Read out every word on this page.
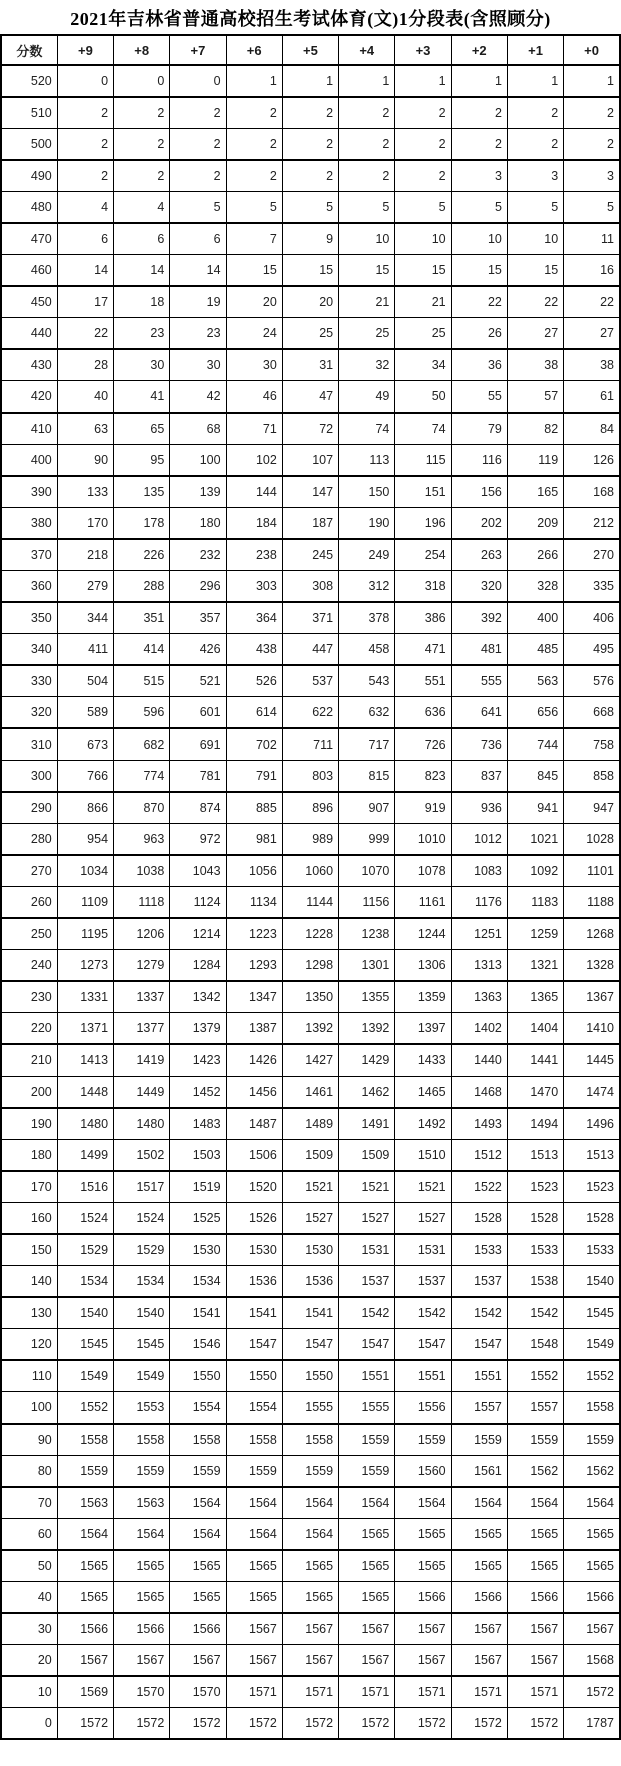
2021年吉林省普通高校招生考试体育(文)1分段表(含照顾分)
分数	+9	+8	+7	+6	+5	+4	+3	+2	+1	+0
520	0	0	0	1	1	1	1	1	1	1
510	2	2	2	2	2	2	2	2	2	2
500	2	2	2	2	2	2	2	2	2	2
490	2	2	2	2	2	2	2	3	3	3
480	4	4	5	5	5	5	5	5	5	5
470	6	6	6	7	9	10	10	10	10	11
460	14	14	14	15	15	15	15	15	15	16
450	17	18	19	20	20	21	21	22	22	22
440	22	23	23	24	25	25	25	26	27	27
430	28	30	30	30	31	32	34	36	38	38
420	40	41	42	46	47	49	50	55	57	61
410	63	65	68	71	72	74	74	79	82	84
400	90	95	100	102	107	113	115	116	119	126
390	133	135	139	144	147	150	151	156	165	168
380	170	178	180	184	187	190	196	202	209	212
370	218	226	232	238	245	249	254	263	266	270
360	279	288	296	303	308	312	318	320	328	335
350	344	351	357	364	371	378	386	392	400	406
340	411	414	426	438	447	458	471	481	485	495
330	504	515	521	526	537	543	551	555	563	576
320	589	596	601	614	622	632	636	641	656	668
310	673	682	691	702	711	717	726	736	744	758
300	766	774	781	791	803	815	823	837	845	858
290	866	870	874	885	896	907	919	936	941	947
280	954	963	972	981	989	999	1010	1012	1021	1028
270	1034	1038	1043	1056	1060	1070	1078	1083	1092	1101
260	1109	1118	1124	1134	1144	1156	1161	1176	1183	1188
250	1195	1206	1214	1223	1228	1238	1244	1251	1259	1268
240	1273	1279	1284	1293	1298	1301	1306	1313	1321	1328
230	1331	1337	1342	1347	1350	1355	1359	1363	1365	1367
220	1371	1377	1379	1387	1392	1392	1397	1402	1404	1410
210	1413	1419	1423	1426	1427	1429	1433	1440	1441	1445
200	1448	1449	1452	1456	1461	1462	1465	1468	1470	1474
190	1480	1480	1483	1487	1489	1491	1492	1493	1494	1496
180	1499	1502	1503	1506	1509	1509	1510	1512	1513	1513
170	1516	1517	1519	1520	1521	1521	1521	1522	1523	1523
160	1524	1524	1525	1526	1527	1527	1527	1528	1528	1528
150	1529	1529	1530	1530	1530	1531	1531	1533	1533	1533
140	1534	1534	1534	1536	1536	1537	1537	1537	1538	1540
130	1540	1540	1541	1541	1541	1542	1542	1542	1542	1545
120	1545	1545	1546	1547	1547	1547	1547	1547	1548	1549
110	1549	1549	1550	1550	1550	1551	1551	1551	1552	1552
100	1552	1553	1554	1554	1555	1555	1556	1557	1557	1558
90	1558	1558	1558	1558	1558	1559	1559	1559	1559	1559
80	1559	1559	1559	1559	1559	1559	1560	1561	1562	1562
70	1563	1563	1564	1564	1564	1564	1564	1564	1564	1564
60	1564	1564	1564	1564	1564	1565	1565	1565	1565	1565
50	1565	1565	1565	1565	1565	1565	1565	1565	1565	1565
40	1565	1565	1565	1565	1565	1565	1566	1566	1566	1566
30	1566	1566	1566	1567	1567	1567	1567	1567	1567	1567
20	1567	1567	1567	1567	1567	1567	1567	1567	1567	1568
10	1569	1570	1570	1571	1571	1571	1571	1571	1571	1572
0	1572	1572	1572	1572	1572	1572	1572	1572	1572	1787
